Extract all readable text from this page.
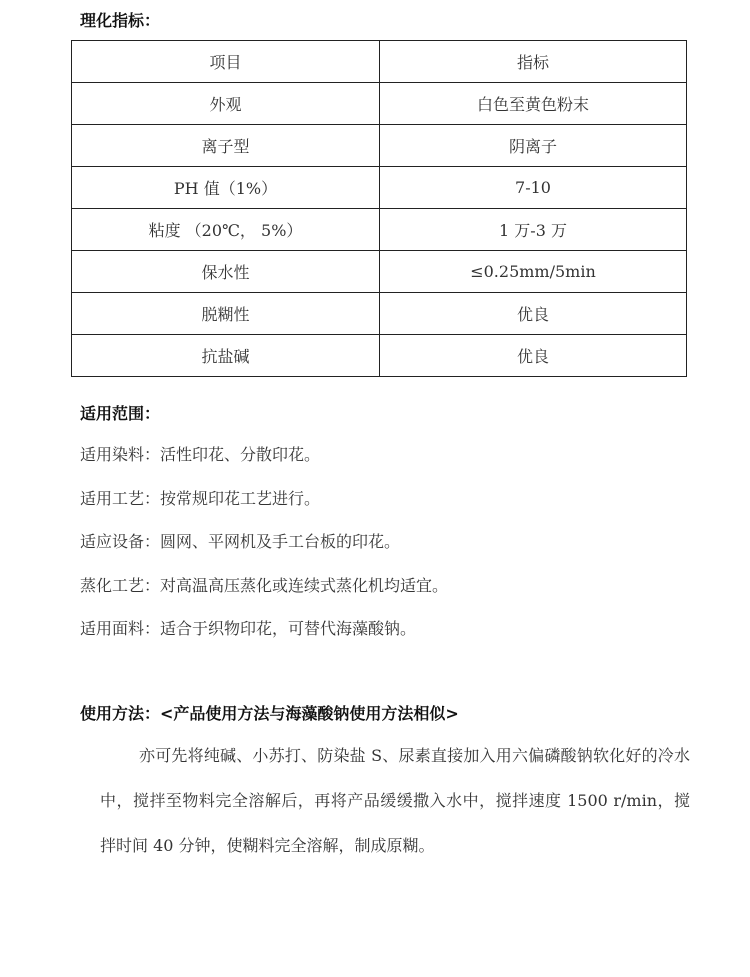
理化指标：
项目	指标
外观	白色至黄色粉末
离子型	阴离子
PH 值（1%）	7-10
粘度 （20℃， 5%）	1 万-3 万
保水性	≤0.25mm/5min
脱糊性	优良
抗盐碱	优良
适用范围：
适用染料：活性印花、分散印花。
适用工艺：按常规印花工艺进行。
适应设备：圆网、平网机及手工台板的印花。
蒸化工艺：对高温高压蒸化或连续式蒸化机均适宜。
适用面料：适合于织物印花，可替代海藻酸钠。
使用方法：<产品使用方法与海藻酸钠使用方法相似>

亦可先将纯碱、小苏打、防染盐 S、尿素直接加入用六偏磷酸钠软化好的冷水中，搅拌至物料完全溶解后，再将产品缓缓撒入水中，搅拌速度 1500 r/min，搅拌时间 40 分钟，使糊料完全溶解，制成原糊。
